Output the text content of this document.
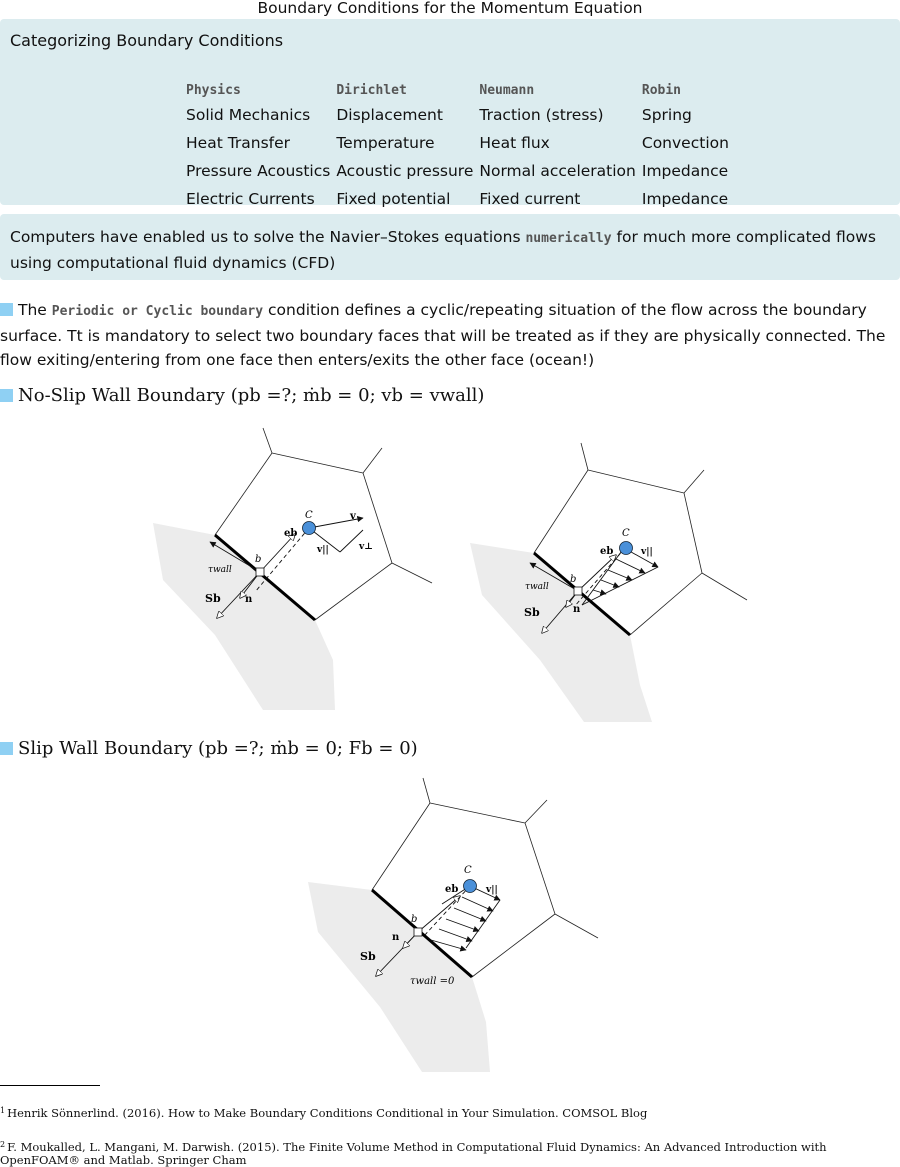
Boundary Conditions for the Momentum Equation
Categorizing Boundary Conditions
Physics	Dirichlet	Neumann	Robin
Solid Mechanics	Displacement	Traction (stress)	Spring
Heat Transfer	Temperature	Heat flux	Convection
Pressure Acoustics	Acoustic pressure	Normal acceleration	Impedance
Electric Currents	Fixed potential	Fixed current	Impedance
Computers have enabled us to solve the Navier–Stokes equations numerically for much more complicated flows using computational fluid dynamics (CFD)
The Periodic or Cyclic boundary condition defines a cyclic/repeating situation of the flow across the boundary surface. Tt is mandatory to select two boundary faces that will be treated as if they are physically connected. The flow exiting/entering from one face then enters/exits the other face (ocean!)
No-Slip Wall Boundary (pb =?; ṁb = 0; vb = vwall)
C
b
eb
v
v||	v⊥
τwall
Sb n
C
b
eb	v||
τwall
Sb	n
Slip Wall Boundary (pb =?; ṁb = 0; Fb = 0)
C
b
eb	v||
Sb
n
τwall =0
$^1$ Henrik Sönnerlind. (2016). How to Make Boundary Conditions Conditional in Your Simulation. COMSOL Blog
$^2$ F. Moukalled, L. Mangani, M. Darwish. (2015). The Finite Volume Method in Computational Fluid Dynamics: An Advanced Introduction with OpenFOAM® and Matlab. Springer Cham
